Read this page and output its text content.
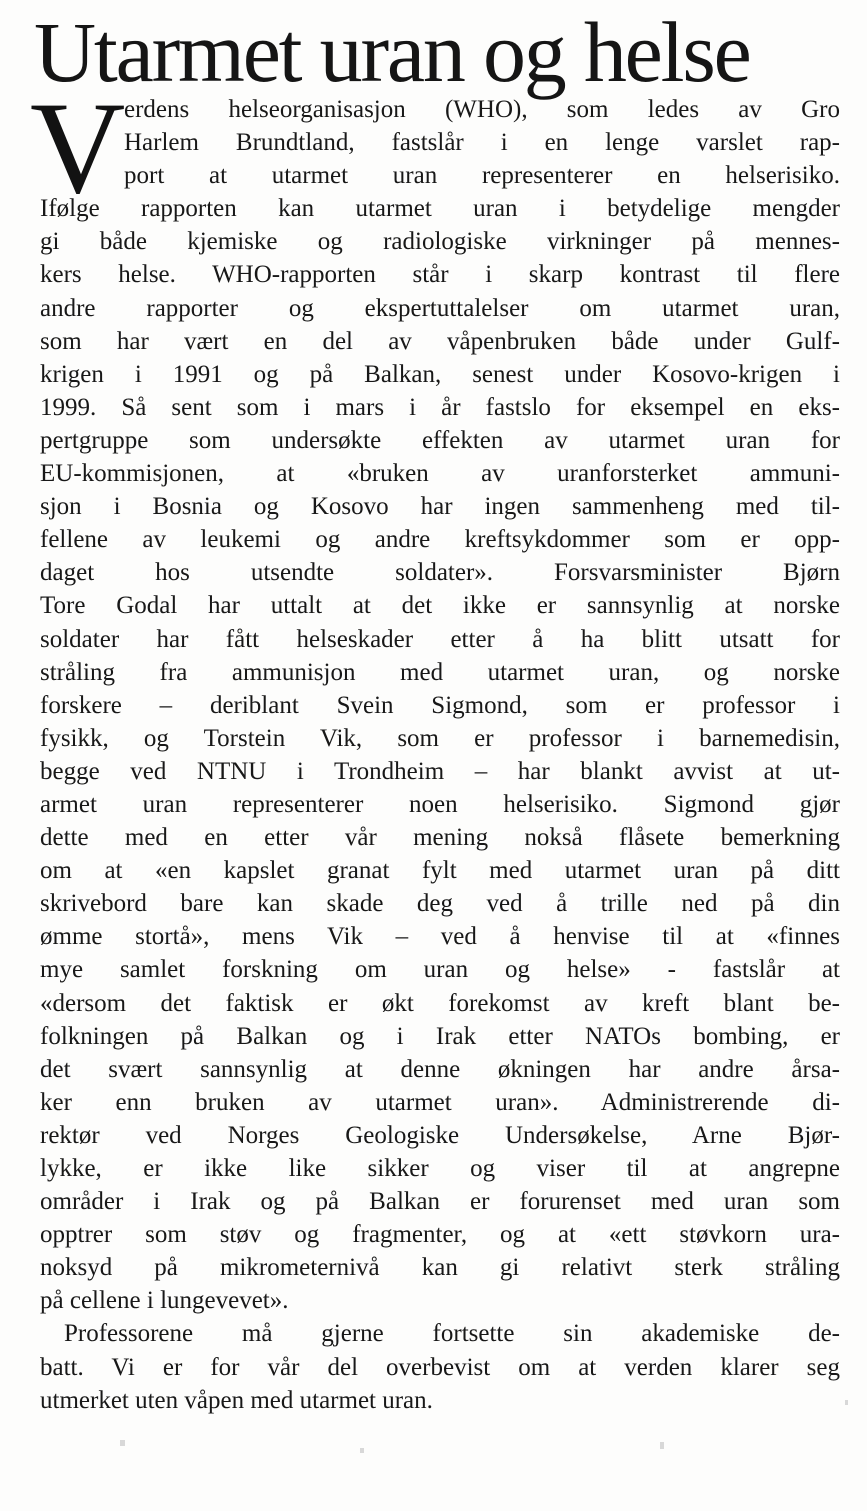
Utarmet uran og helse
V
erdens helseorganisasjon (WHO), som ledes av Gro
Harlem Brundtland, fastslår i en lenge varslet rap-
port at utarmet uran representerer en helserisiko.
Ifølge rapporten kan utarmet uran i betydelige mengder
gi både kjemiske og radiologiske virkninger på mennes-
kers helse. WHO-rapporten står i skarp kontrast til flere
andre rapporter og ekspertuttalelser om utarmet uran,
som har vært en del av våpenbruken både under Gulf-
krigen i 1991 og på Balkan, senest under Kosovo-krigen i
1999. Så sent som i mars i år fastslo for eksempel en eks-
pertgruppe som undersøkte effekten av utarmet uran for
EU-kommisjonen, at «bruken av uranforsterket ammuni-
sjon i Bosnia og Kosovo har ingen sammenheng med til-
fellene av leukemi og andre kreftsykdommer som er opp-
daget hos utsendte soldater». Forsvarsminister Bjørn
Tore Godal har uttalt at det ikke er sannsynlig at norske
soldater har fått helseskader etter å ha blitt utsatt for
stråling fra ammunisjon med utarmet uran, og norske
forskere – deriblant Svein Sigmond, som er professor i
fysikk, og Torstein Vik, som er professor i barnemedisin,
begge ved NTNU i Trondheim – har blankt avvist at ut-
armet uran representerer noen helserisiko. Sigmond gjør
dette med en etter vår mening nokså flåsete bemerkning
om at «en kapslet granat fylt med utarmet uran på ditt
skrivebord bare kan skade deg ved å trille ned på din
ømme stortå», mens Vik – ved å henvise til at «finnes
mye samlet forskning om uran og helse» - fastslår at
«dersom det faktisk er økt forekomst av kreft blant be-
folkningen på Balkan og i Irak etter NATOs bombing, er
det svært sannsynlig at denne økningen har andre årsa-
ker enn bruken av utarmet uran». Administrerende di-
rektør ved Norges Geologiske Undersøkelse, Arne Bjør-
lykke, er ikke like sikker og viser til at angrepne
områder i Irak og på Balkan er forurenset med uran som
opptrer som støv og fragmenter, og at «ett støvkorn ura-
noksyd på mikrometernivå kan gi relativt sterk stråling
på cellene i lungevevet».
Professorene må gjerne fortsette sin akademiske de-
batt. Vi er for vår del overbevist om at verden klarer seg
utmerket uten våpen med utarmet uran.
